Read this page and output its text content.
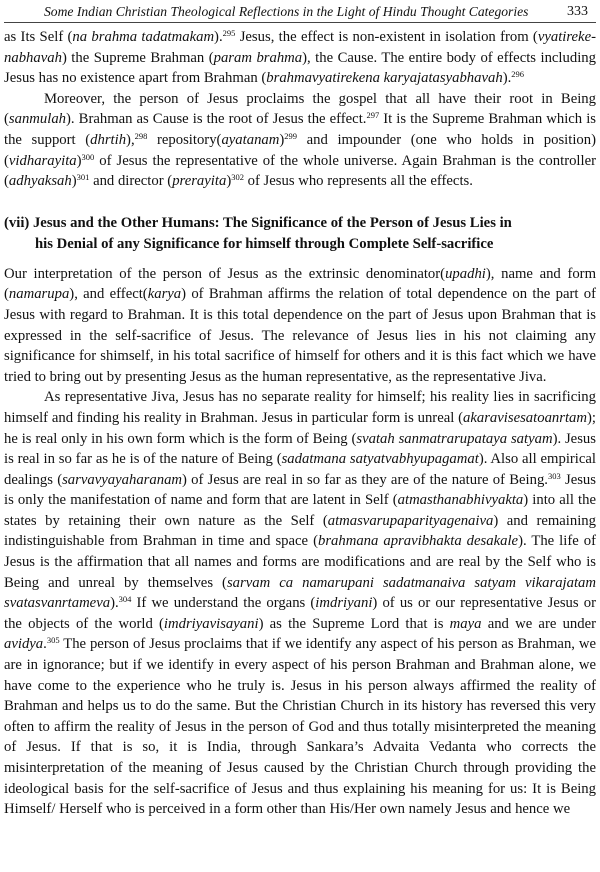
Some Indian Christian Theological Reflections in the Light of Hindu Thought Categories	333

as Its Self (na brahma tadatmakam).$^{295}$ Jesus, the effect is non-existent in isolation from (vyatireke-nabhavah) the Supreme Brahman (param brahma), the Cause. The entire body of effects including Jesus has no existence apart from Brahman (brahmavyatirekena karyajatasyabhavah).$^{296}$

Moreover, the person of Jesus proclaims the gospel that all have their root in Being (sanmulah). Brahman as Cause is the root of Jesus the effect.$^{297}$ It is the Supreme Brahman which is the support (dhrtih),$^{298}$ repository(ayatanam)$^{299}$ and impounder (one who holds in position) (vidharayita)$^{300}$ of Jesus the representative of the whole universe. Again Brahman is the controller (adhyaksah)$^{301}$ and director (prerayita)$^{302}$ of Jesus who represents all the effects.

(vii) Jesus and the Other Humans: The Significance of the Person of Jesus Lies in
his Denial of any Significance for himself through Complete Self-sacrifice

Our interpretation of the person of Jesus as the extrinsic denominator(upadhi), name and form (namarupa), and effect(karya) of Brahman affirms the relation of total dependence on the part of Jesus with regard to Brahman. It is this total dependence on the part of Jesus upon Brahman that is expressed in the self-sacrifice of Jesus. The relevance of Jesus lies in his not claiming any significance for shimself, in his total sacrifice of himself for others and it is this fact which we have tried to bring out by presenting Jesus as the human representative, as the representative Jiva.

As representative Jiva, Jesus has no separate reality for himself; his reality lies in sacrificing himself and finding his reality in Brahman. Jesus in particular form is unreal (akaravisesatoanrtam); he is real only in his own form which is the form of Being (svatah sanmatrarupataya satyam). Jesus is real in so far as he is of the nature of Being (sadatmana satyatvabhyupagamat). Also all empirical dealings (sarvavyayaharanam) of Jesus are real in so far as they are of the nature of Being.$^{303}$ Jesus is only the manifestation of name and form that are latent in Self (atmasthanabhivyakta) into all the states by retaining their own nature as the Self (atmasvarupaparityagenaiva) and remaining indistinguishable from Brahman in time and space (brahmana apravibhakta desakale). The life of Jesus is the affirmation that all names and forms are modifications and are real by the Self who is Being and unreal by themselves (sarvam ca namarupani sadatmanaiva satyam vikarajatam svatasvanrtameva).$^{304}$ If we understand the organs (imdriyani) of us or our representative Jesus or the objects of the world (imdriyavisayani) as the Supreme Lord that is maya and we are under avidya.$^{305}$ The person of Jesus proclaims that if we identify any aspect of his person as Brahman, we are in ignorance; but if we identify in every aspect of his person Brahman and Brahman alone, we have come to the experience who he truly is. Jesus in his person always affirmed the reality of Brahman and helps us to do the same. But the Christian Church in its history has reversed this very often to affirm the reality of Jesus in the person of God and thus totally misinterpreted the meaning of Jesus. If that is so, it is India, through Sankara’s Advaita Vedanta who corrects the misinterpretation of the meaning of Jesus caused by the Christian Church through providing the ideological basis for the self-sacrifice of Jesus and thus explaining his meaning for us: It is Being Himself/ Herself who is perceived in a form other than His/Her own namely Jesus and hence we
